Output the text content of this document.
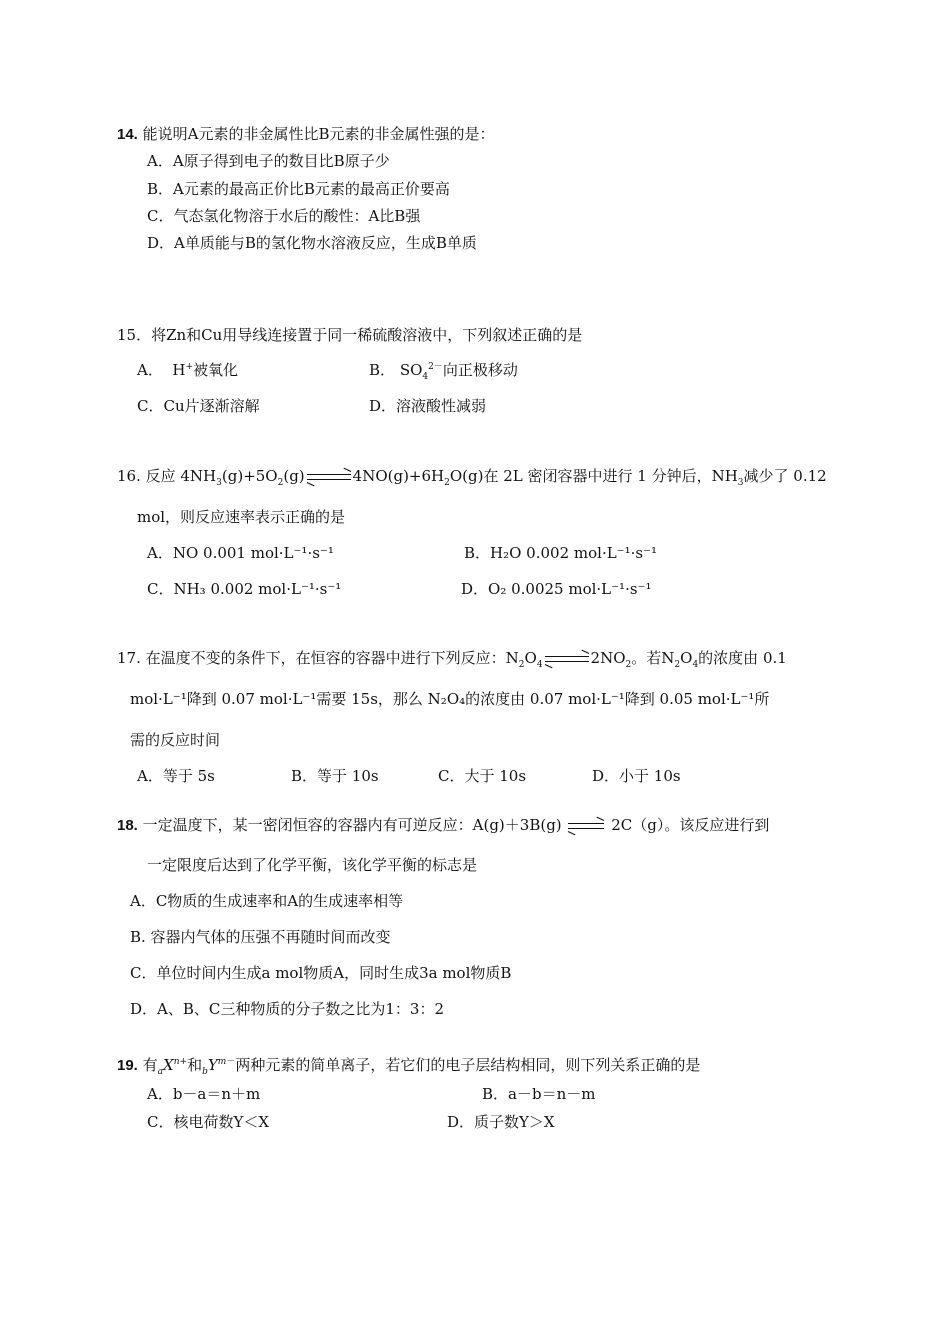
14. 能说明A元素的非金属性比B元素的非金属性强的是：
A．A原子得到电子的数目比B原子少
B．A元素的最高正价比B元素的最高正价要高
C．气态氢化物溶于水后的酸性：A比B强
D．A单质能与B的氢化物水溶液反应，生成B单质
15．将Zn和Cu用导线连接置于同一稀硫酸溶液中，下列叙述正确的是
A． H+被氧化	B． $SO_4^{2-}$向正极移动
C．Cu片逐渐溶解	D．溶液酸性减弱
16. 反应 $4NH_3(g)+5O_2(g)$	$4NO(g)+6H_2O(g)$在 2L 密闭容器中进行 1 分钟后，$NH_3$减少了 0.12
mol，则反应速率表示正确的是
A．NO 0.001 mol·L⁻¹·s⁻¹	B．H₂O 0.002 mol·L⁻¹·s⁻¹
C．NH₃ 0.002 mol·L⁻¹·s⁻¹	D．O₂ 0.0025 mol·L⁻¹·s⁻¹
17. 在温度不变的条件下，在恒容的容器中进行下列反应：$N_2O_4$	$2NO_2$。若$N_2O_4$的浓度由 0.1
mol·L⁻¹降到 0.07 mol·L⁻¹需要 15s，那么 N₂O₄的浓度由 0.07 mol·L⁻¹降到 0.05 mol·L⁻¹所
需的反应时间
A．等于 5s	B．等于 10s	C．大于 10s	D．小于 10s
18. 一定温度下，某一密闭恒容的容器内有可逆反应：A(g)＋3B(g)	2C（g）。该反应进行到
一定限度后达到了化学平衡，该化学平衡的标志是
A．C物质的生成速率和A的生成速率相等
B. 容器内气体的压强不再随时间而改变
C．单位时间内生成a mol物质A，同时生成3a mol物质B
D．A、B、C三种物质的分子数之比为1：3：2
19. 有$_aX^{n+}$和$_bY^{m-}$两种元素的简单离子，若它们的电子层结构相同，则下列关系正确的是
A．b－a＝n＋m	B．a－b＝n－m
C．核电荷数Y＜X	D．质子数Y＞X
